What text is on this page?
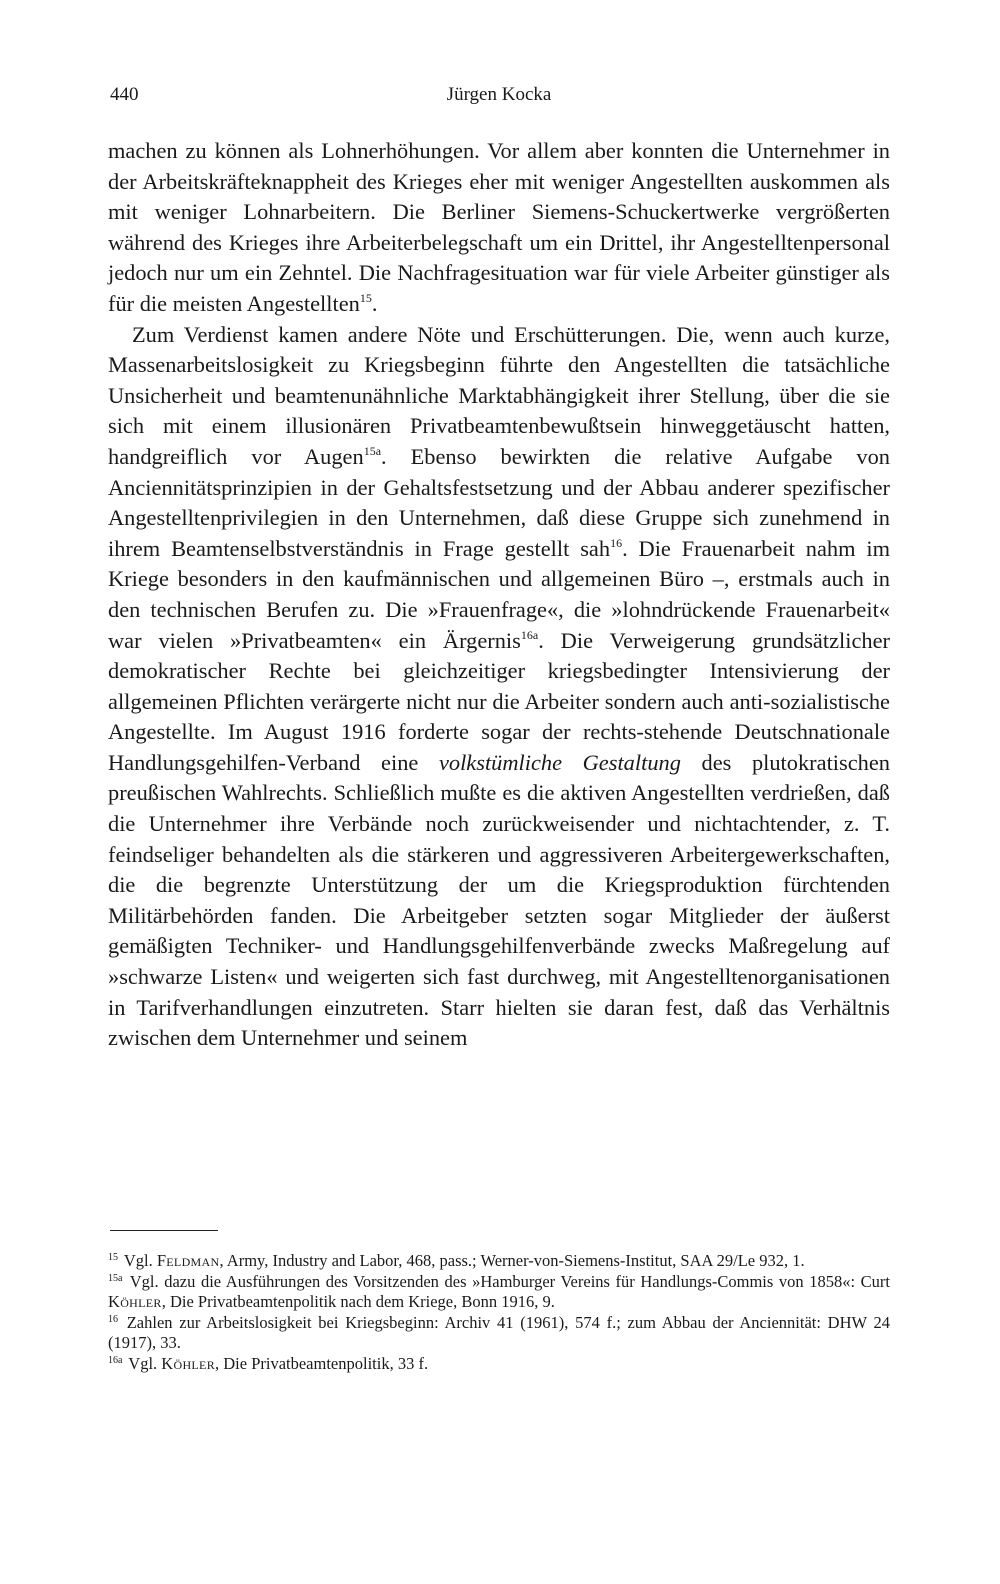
440	Jürgen Kocka

machen zu können als Lohnerhöhungen. Vor allem aber konnten die Unternehmer in der Arbeitskräfteknappheit des Krieges eher mit weniger Angestellten auskommen als mit weniger Lohnarbeitern. Die Berliner Siemens-Schuckertwerke vergrößerten während des Krieges ihre Arbeiterbelegschaft um ein Drittel, ihr Angestelltenpersonal jedoch nur um ein Zehntel. Die Nachfragesituation war für viele Arbeiter günstiger als für die meisten Angestellten$^{15}$.

Zum Verdienst kamen andere Nöte und Erschütterungen. Die, wenn auch kurze, Massenarbeitslosigkeit zu Kriegsbeginn führte den Angestellten die tatsächliche Unsicherheit und beamtenunähnliche Marktabhängigkeit ihrer Stellung, über die sie sich mit einem illusionären Privatbeamtenbewußtsein hinweggetäuscht hatten, handgreiflich vor Augen$^{15a}$. Ebenso bewirkten die relative Aufgabe von Anciennitätsprinzipien in der Gehaltsfestsetzung und der Abbau anderer spezifischer Angestelltenprivilegien in den Unternehmen, daß diese Gruppe sich zunehmend in ihrem Beamtenselbstverständnis in Frage gestellt sah$^{16}$. Die Frauenarbeit nahm im Kriege besonders in den kaufmännischen und allgemeinen Büro –, erstmals auch in den technischen Berufen zu. Die »Frauenfrage«, die »lohndrückende Frauenarbeit« war vielen »Privatbeamten« ein Ärgernis$^{16a}$. Die Verweigerung grundsätzlicher demokratischer Rechte bei gleichzeitiger kriegsbedingter Intensivierung der allgemeinen Pflichten verärgerte nicht nur die Arbeiter sondern auch anti-sozialistische Angestellte. Im August 1916 forderte sogar der rechts-stehende Deutschnationale Handlungsgehilfen-Verband eine volkstümliche Gestaltung des plutokratischen preußischen Wahlrechts. Schließlich mußte es die aktiven Angestellten verdrießen, daß die Unternehmer ihre Verbände noch zurückweisender und nichtachtender, z. T. feindseliger behandelten als die stärkeren und aggressiveren Arbeitergewerkschaften, die die begrenzte Unterstützung der um die Kriegsproduktion fürchtenden Militärbehörden fanden. Die Arbeitgeber setzten sogar Mitglieder der äußerst gemäßigten Techniker- und Handlungsgehilfenverbände zwecks Maßregelung auf »schwarze Listen« und weigerten sich fast durchweg, mit Angestelltenorganisationen in Tarifverhandlungen einzutreten. Starr hielten sie daran fest, daß das Verhältnis zwischen dem Unternehmer und seinem

$^{15}$ Vgl. Feldman, Army, Industry and Labor, 468, pass.; Werner-von-Siemens-Institut, SAA 29/Le 932, 1.

$^{15a}$ Vgl. dazu die Ausführungen des Vorsitzenden des »Hamburger Vereins für Handlungs-Commis von 1858«: Curt Köhler, Die Privatbeamtenpolitik nach dem Kriege, Bonn 1916, 9.

$^{16}$ Zahlen zur Arbeitslosigkeit bei Kriegsbeginn: Archiv 41 (1961), 574 f.; zum Abbau der Anciennität: DHW 24 (1917), 33.

$^{16a}$ Vgl. Köhler, Die Privatbeamtenpolitik, 33 f.
